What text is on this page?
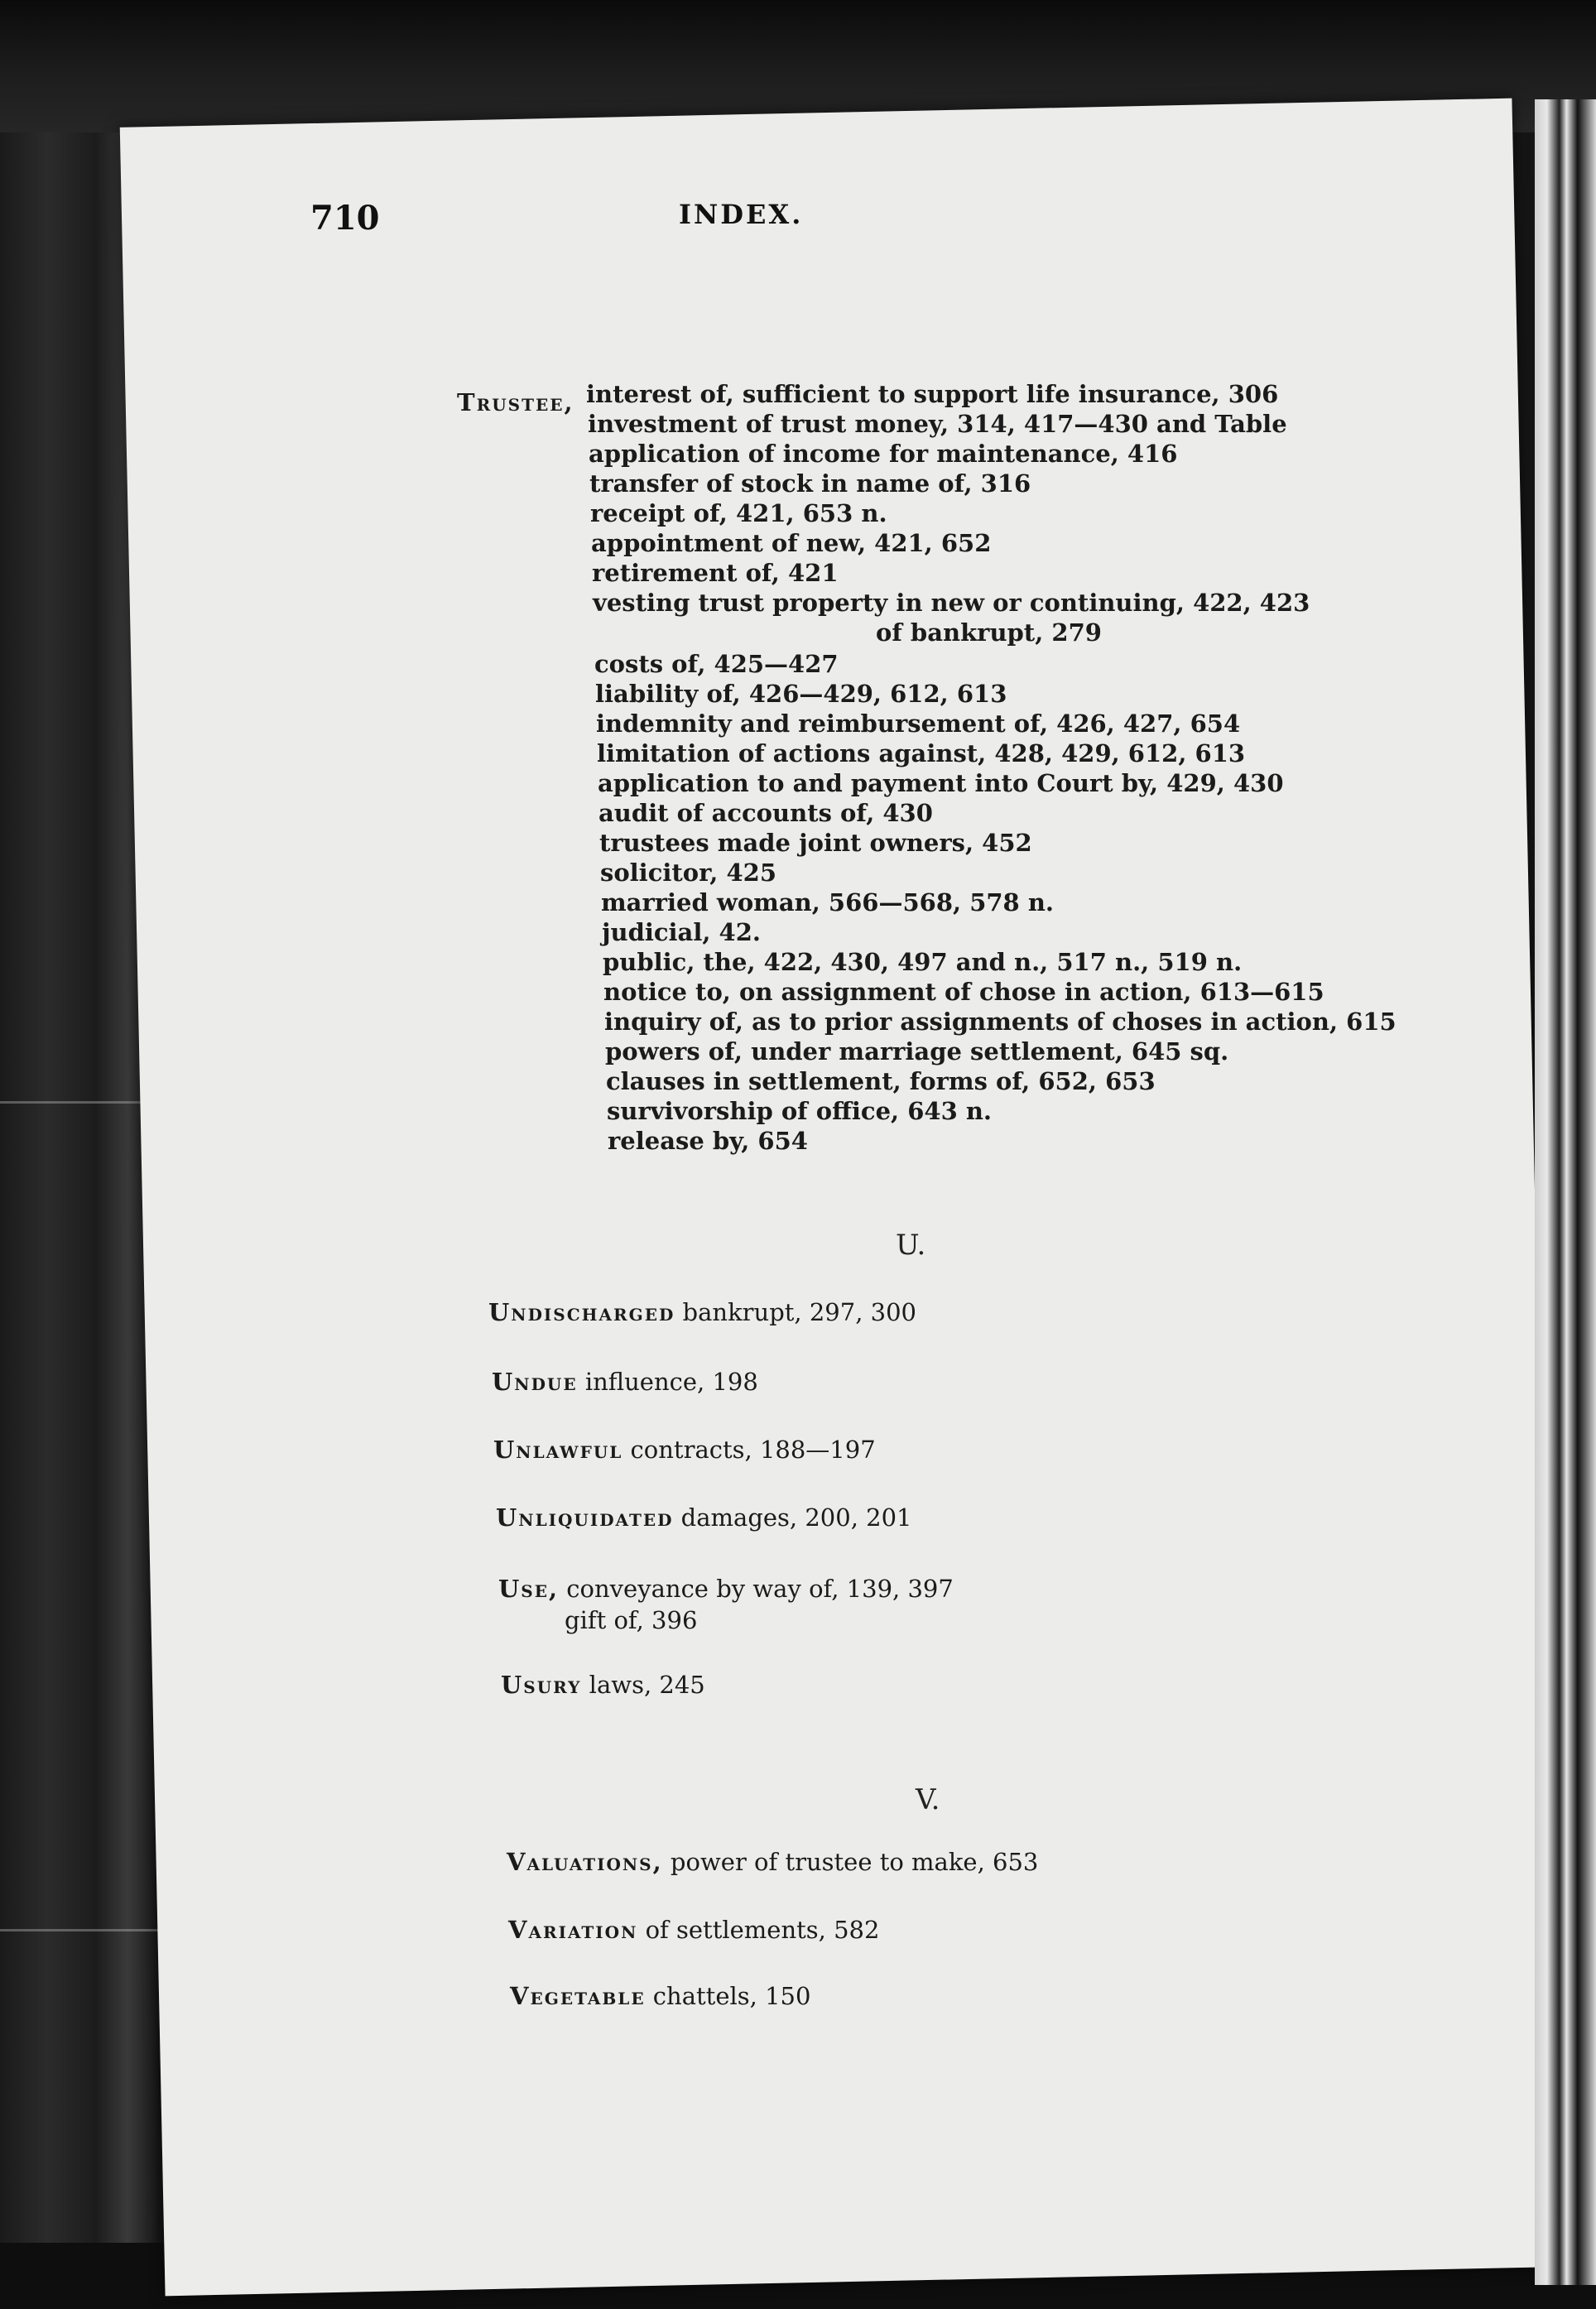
710	INDEX.
Trustee, interest of, sufficient to support life insurance, 306
investment of trust money, 314, 417—430 and Table
application of income for maintenance, 416
transfer of stock in name of, 316
receipt of, 421, 653 n.
appointment of new, 421, 652
retirement of, 421
vesting trust property in new or continuing, 422, 423
of bankrupt, 279
costs of, 425—427
liability of, 426—429, 612, 613
indemnity and reimbursement of, 426, 427, 654
limitation of actions against, 428, 429, 612, 613
application to and payment into Court by, 429, 430
audit of accounts of, 430
trustees made joint owners, 452
solicitor, 425
married woman, 566—568, 578 n.
judicial, 42.
public, the, 422, 430, 497 and n., 517 n., 519 n.
notice to, on assignment of chose in action, 613—615
inquiry of, as to prior assignments of choses in action, 615
powers of, under marriage settlement, 645 sq.
clauses in settlement, forms of, 652, 653
survivorship of office, 643 n.
release by, 654
U.
Undischarged bankrupt, 297, 300
Undue influence, 198
Unlawful contracts, 188—197
Unliquidated damages, 200, 201
Use, conveyance by way of, 139, 397
gift of, 396
Usury laws, 245
V.
Valuations, power of trustee to make, 653
Variation of settlements, 582
Vegetable chattels, 150
